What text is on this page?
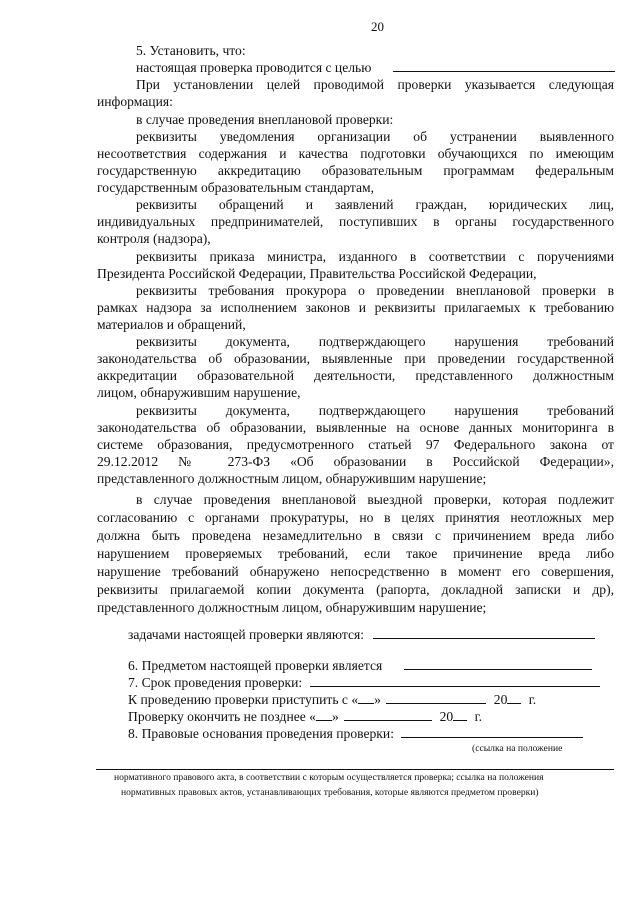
20
5. Установить, что:
настоящая проверка проводится с целью
При установлении целей проводимой проверки указывается следующая
информация:
в случае проведения внеплановой проверки:
реквизиты уведомления организации об устранении выявленного
несоответствия содержания и качества подготовки обучающихся по имеющим
государственную аккредитацию образовательным программам федеральным
государственным образовательным стандартам,
реквизиты обращений и заявлений граждан, юридических лиц,
индивидуальных предпринимателей, поступивших в органы государственного
контроля (надзора),
реквизиты приказа министра, изданного в соответствии с поручениями
Президента Российской Федерации, Правительства Российской Федерации,
реквизиты требования прокурора о проведении внеплановой проверки в
рамках надзора за исполнением законов и реквизиты прилагаемых к требованию
материалов и обращений,
реквизиты документа, подтверждающего нарушения требований
законодательства об образовании, выявленные при проведении государственной
аккредитации образовательной деятельности, представленного должностным
лицом, обнаружившим нарушение,
реквизиты документа, подтверждающего нарушения требований
законодательства об образовании, выявленные на основе данных мониторинга в
системе образования, предусмотренного статьей 97 Федерального закона от
29.12.2012 № 273-ФЗ «Об образовании в Российской Федерации»,
представленного должностным лицом, обнаружившим нарушение;
в случае проведения внеплановой выездной проверки, которая подлежит
согласованию с органами прокуратуры, но в целях принятия неотложных мер
должна быть проведена незамедлительно в связи с причинением вреда либо
нарушением проверяемых требований, если такое причинение вреда либо
нарушение требований обнаружено непосредственно в момент его совершения,
реквизиты прилагаемой копии документа (рапорта, докладной записки и др),
представленного должностным лицом, обнаружившим нарушение;
задачами настоящей проверки являются:
6. Предметом настоящей проверки является
7. Срок проведения проверки:
К проведению проверки приступить с « »	20 г.
Проверку окончить не позднее « »	20 г.
8. Правовые основания проведения проверки:
(ссылка на положение
нормативного правового акта, в соответствии с которым осуществляется проверка; ссылка на положения
нормативных правовых актов, устанавливающих требования, которые являются предметом проверки)
